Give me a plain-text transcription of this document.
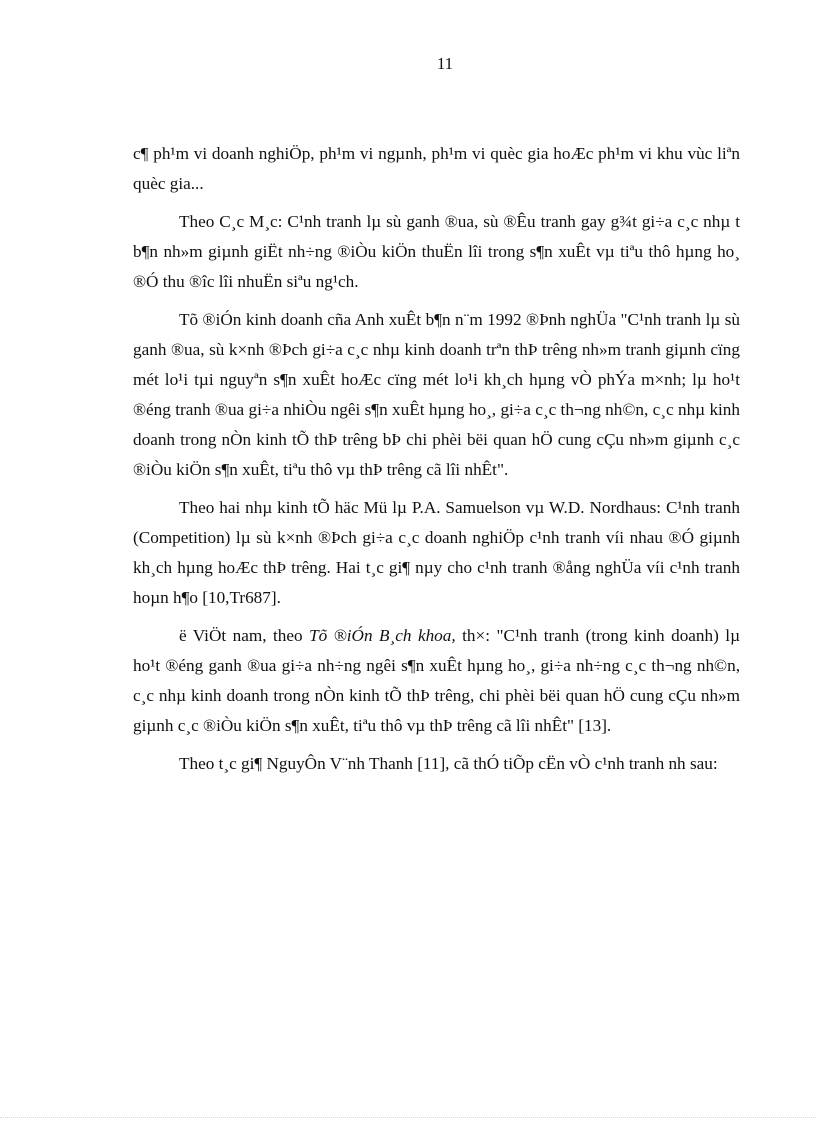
11

c¶ ph¹m vi doanh nghiÖp, ph¹m vi ngµnh, ph¹m vi quèc gia hoÆc ph¹m vi khu vùc liªn quèc gia...

Theo C¸c M¸c: C¹nh tranh lµ sù ganh ®ua, sù ®Êu tranh gay g¾t gi÷a c¸c nhµ t b¶n nh»m giµnh giËt nh÷ng ®iÒu kiÖn thuËn lîi trong s¶n xuÊt vµ tiªu thô hµng ho¸ ®Ó thu ®îc lîi nhuËn siªu ng¹ch.

Tõ ®iÓn kinh doanh cña Anh xuÊt b¶n n¨m 1992 ®Þnh nghÜa "C¹nh tranh lµ sù ganh ®ua, sù k×nh ®Þch gi÷a c¸c nhµ kinh doanh trªn thÞ trêng nh»m tranh giµnh cïng mét lo¹i tµi nguyªn s¶n xuÊt hoÆc cïng mét lo¹i kh¸ch hµng vÒ phÝa m×nh; lµ ho¹t ®éng tranh ®ua gi÷a nhiÒu ngêi s¶n xuÊt hµng ho¸, gi÷a c¸c th¬ng nh©n, c¸c nhµ kinh doanh trong nÒn kinh tÕ thÞ trêng bÞ chi phèi bëi quan hÖ cung cÇu nh»m giµnh c¸c ®iÒu kiÖn s¶n xuÊt, tiªu thô vµ thÞ trêng cã lîi nhÊt".

Theo hai nhµ kinh tÕ häc Mü lµ P.A. Samuelson vµ W.D. Nordhaus: C¹nh tranh (Competition) lµ sù k×nh ®Þch gi÷a c¸c doanh nghiÖp c¹nh tranh víi nhau ®Ó giµnh kh¸ch hµng hoÆc thÞ trêng. Hai t¸c gi¶ nµy cho c¹nh tranh ®ång nghÜa víi c¹nh tranh hoµn h¶o [10,Tr687].

ë ViÖt nam, theo Tõ ®iÓn B¸ch khoa, th×: "C¹nh tranh (trong kinh doanh) lµ ho¹t ®éng ganh ®ua gi÷a nh÷ng ngêi s¶n xuÊt hµng ho¸, gi÷a nh÷ng c¸c th¬ng nh©n, c¸c nhµ kinh doanh trong nÒn kinh tÕ thÞ trêng, chi phèi bëi quan hÖ cung cÇu nh»m giµnh c¸c ®iÒu kiÖn s¶n xuÊt, tiªu thô vµ thÞ trêng cã lîi nhÊt" [13].

Theo t¸c gi¶ NguyÔn V¨nh Thanh [11], cã thÓ tiÕp cËn vÒ c¹nh tranh nh sau:
